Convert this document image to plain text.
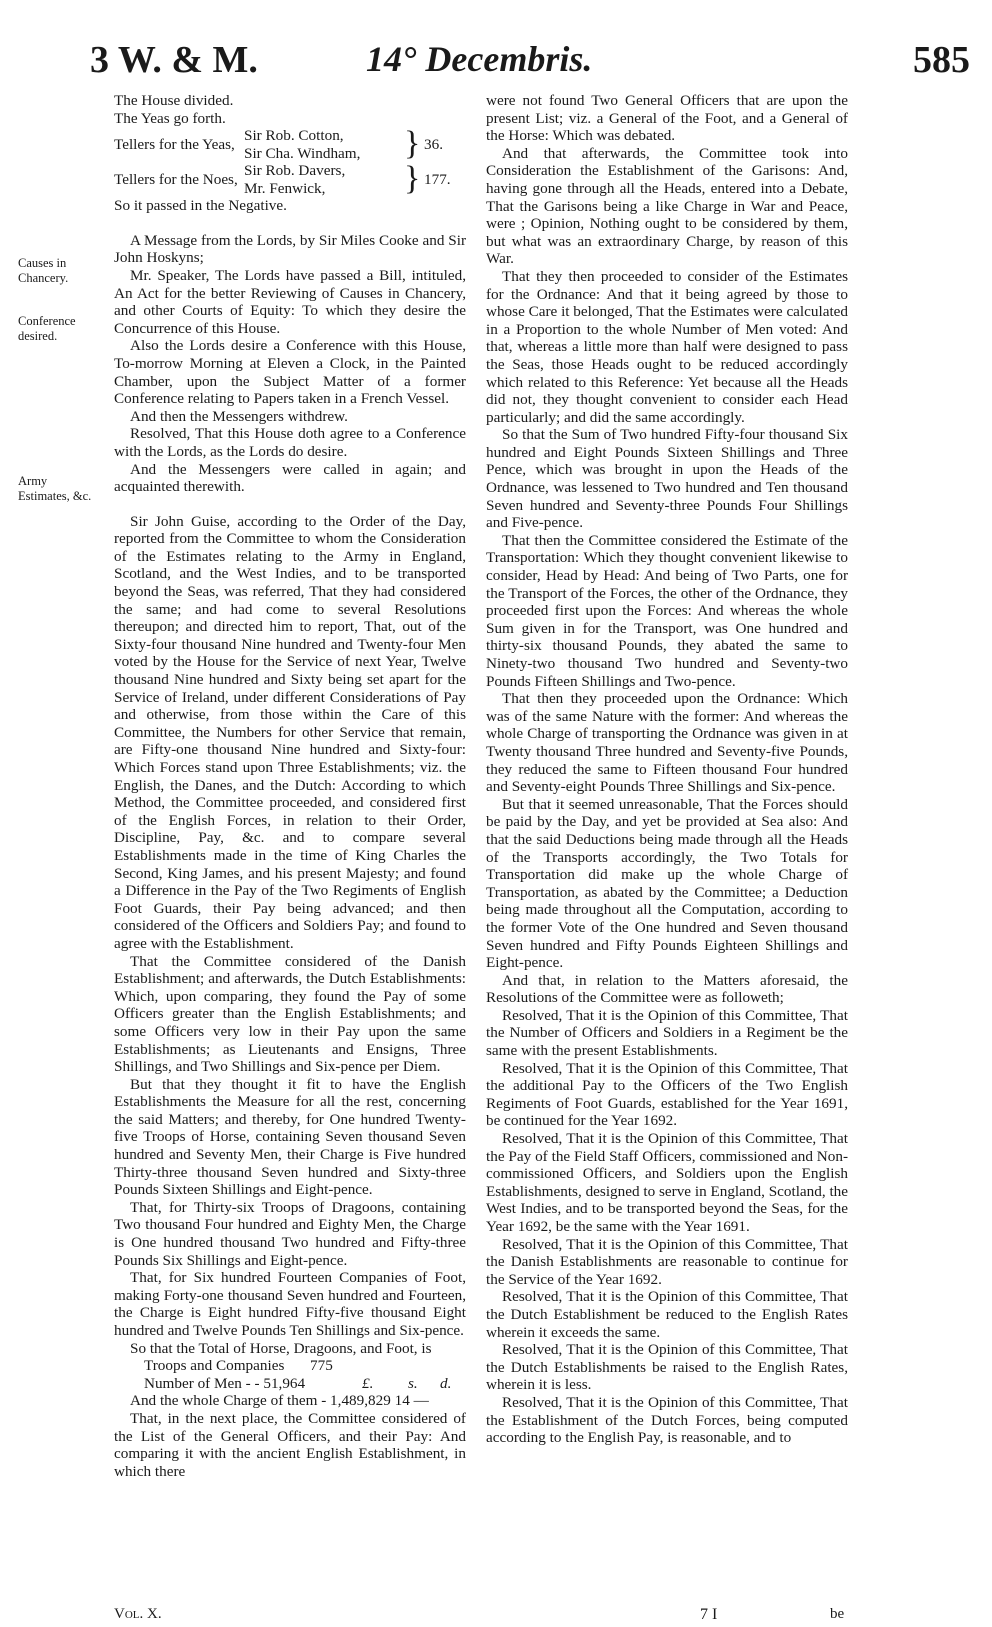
3 W. & M.	14° Decembris.	585
Causes in Chancery.
Conference desired.
Army Estimates, &c.

The House divided.

The Yeas go forth.

Tellers for the Yeas,
Sir Rob. Cotton,
Sir Cha. Windham, } 36.
Tellers for the Noes,
Sir Rob. Davers,
Mr. Fenwick,	} 177.

So it passed in the Negative.

A Message from the Lords, by Sir Miles Cooke and Sir John Hoskyns;

Mr. Speaker, The Lords have passed a Bill, intituled, An Act for the better Reviewing of Causes in Chancery, and other Courts of Equity: To which they desire the Concurrence of this House.

Also the Lords desire a Conference with this House, To-morrow Morning at Eleven a Clock, in the Painted Chamber, upon the Subject Matter of a former Conference relating to Papers taken in a French Vessel.

And then the Messengers withdrew.

Resolved, That this House doth agree to a Conference with the Lords, as the Lords do desire.

And the Messengers were called in again; and acquainted therewith.

Sir John Guise, according to the Order of the Day, reported from the Committee to whom the Consideration of the Estimates relating to the Army in England, Scotland, and the West Indies, and to be transported beyond the Seas, was referred, That they had considered the same; and had come to several Resolutions thereupon; and directed him to report, That, out of the Sixty-four thousand Nine hundred and Twenty-four Men voted by the House for the Service of next Year, Twelve thousand Nine hundred and Sixty being set apart for the Service of Ireland, under different Considerations of Pay and otherwise, from those within the Care of this Committee, the Numbers for other Service that remain, are Fifty-one thousand Nine hundred and Sixty-four: Which Forces stand upon Three Establishments; viz. the English, the Danes, and the Dutch: According to which Method, the Committee proceeded, and considered first of the English Forces, in relation to their Order, Discipline, Pay, &c. and to compare several Establishments made in the time of King Charles the Second, King James, and his present Majesty; and found a Difference in the Pay of the Two Regiments of English Foot Guards, their Pay being advanced; and then considered of the Officers and Soldiers Pay; and found to agree with the Establishment.

That the Committee considered of the Danish Establishment; and afterwards, the Dutch Establishments: Which, upon comparing, they found the Pay of some Officers greater than the English Establishments; and some Officers very low in their Pay upon the same Establishments; as Lieutenants and Ensigns, Three Shillings, and Two Shillings and Six-pence per Diem.

But that they thought it fit to have the English Establishments the Measure for all the rest, concerning the said Matters; and thereby, for One hundred Twenty-five Troops of Horse, containing Seven thousand Seven hundred and Seventy Men, their Charge is Five hundred Thirty-three thousand Seven hundred and Sixty-three Pounds Sixteen Shillings and Eight-pence.

That, for Thirty-six Troops of Dragoons, containing Two thousand Four hundred and Eighty Men, the Charge is One hundred thousand Two hundred and Fifty-three Pounds Six Shillings and Eight-pence.

That, for Six hundred Fourteen Companies of Foot, making Forty-one thousand Seven hundred and Fourteen, the Charge is Eight hundred Fifty-five thousand Eight hundred and Twelve Pounds Ten Shillings and Six-pence.

So that the Total of Horse, Dragoons, and Foot, is

Troops and Companies 775
Number of Men - - 51,964	£. s. d.

And the whole Charge of them - 1,489,829 14 —

That, in the next place, the Committee considered of the List of the General Officers, and their Pay: And comparing it with the ancient English Establishment, in which there

were not found Two General Officers that are upon the present List; viz. a General of the Foot, and a General of the Horse: Which was debated.

And that afterwards, the Committee took into Consideration the Establishment of the Garisons: And, having gone through all the Heads, entered into a Debate, That the Garisons being a like Charge in War and Peace, were ; Opinion, Nothing ought to be considered by them, but what was an extraordinary Charge, by reason of this War.

That they then proceeded to consider of the Estimates for the Ordnance: And that it being agreed by those to whose Care it belonged, That the Estimates were calculated in a Proportion to the whole Number of Men voted: And that, whereas a little more than half were designed to pass the Seas, those Heads ought to be reduced accordingly which related to this Reference: Yet because all the Heads did not, they thought convenient to consider each Head particularly; and did the same accordingly.

So that the Sum of Two hundred Fifty-four thousand Six hundred and Eight Pounds Sixteen Shillings and Three Pence, which was brought in upon the Heads of the Ordnance, was lessened to Two hundred and Ten thousand Seven hundred and Seventy-three Pounds Four Shillings and Five-pence.

That then the Committee considered the Estimate of the Transportation: Which they thought convenient likewise to consider, Head by Head: And being of Two Parts, one for the Transport of the Forces, the other of the Ordnance, they proceeded first upon the Forces: And whereas the whole Sum given in for the Transport, was One hundred and thirty-six thousand Pounds, they abated the same to Ninety-two thousand Two hundred and Seventy-two Pounds Fifteen Shillings and Two-pence.

That then they proceeded upon the Ordnance: Which was of the same Nature with the former: And whereas the whole Charge of transporting the Ordnance was given in at Twenty thousand Three hundred and Seventy-five Pounds, they reduced the same to Fifteen thousand Four hundred and Seventy-eight Pounds Three Shillings and Six-pence.

But that it seemed unreasonable, That the Forces should be paid by the Day, and yet be provided at Sea also: And that the said Deductions being made through all the Heads of the Transports accordingly, the Two Totals for Transportation did make up the whole Charge of Transportation, as abated by the Committee; a Deduction being made throughout all the Computation, according to the former Vote of the One hundred and Seven thousand Seven hundred and Fifty Pounds Eighteen Shillings and Eight-pence.

And that, in relation to the Matters aforesaid, the Resolutions of the Committee were as followeth;

Resolved, That it is the Opinion of this Committee, That the Number of Officers and Soldiers in a Regiment be the same with the present Establishments.

Resolved, That it is the Opinion of this Committee, That the additional Pay to the Officers of the Two English Regiments of Foot Guards, established for the Year 1691, be continued for the Year 1692.

Resolved, That it is the Opinion of this Committee, That the Pay of the Field Staff Officers, commissioned and Non-commissioned Officers, and Soldiers upon the English Establishments, designed to serve in England, Scotland, the West Indies, and to be transported beyond the Seas, for the Year 1692, be the same with the Year 1691.

Resolved, That it is the Opinion of this Committee, That the Danish Establishments are reasonable to continue for the Service of the Year 1692.

Resolved, That it is the Opinion of this Committee, That the Dutch Establishment be reduced to the English Rates wherein it exceeds the same.

Resolved, That it is the Opinion of this Committee, That the Dutch Establishments be raised to the English Rates, wherein it is less.

Resolved, That it is the Opinion of this Committee, That the Establishment of the Dutch Forces, being computed according to the English Pay, is reasonable, and to

Vol. X.	7 I	be
